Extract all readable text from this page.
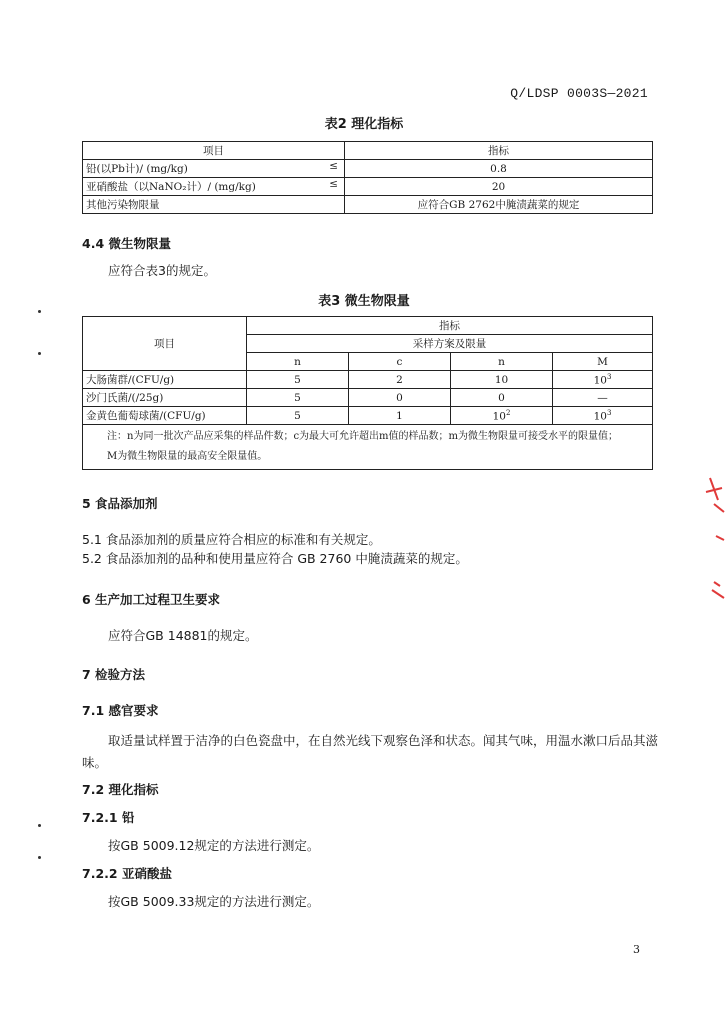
Q/LDSP 0003S—2021
表2 理化指标
项目	指标
铅(以Pb计)/ (mg/kg) ≤	0.8
亚硝酸盐（以NaNO₂计）/ (mg/kg) ≤	20
其他污染物限量	应符合GB 2762中腌渍蔬菜的规定
4.4 微生物限量
应符合表3的规定。
表3 微生物限量
项目	指标			
	采样方案及限量			
	n	c	n	M
大肠菌群/(CFU/g)	5	2	10	$10^3$
沙门氏菌/(/25g)	5	0	0	—
金黄色葡萄球菌/(CFU/g)	5	1	$10^2$	$10^3$

注：n为同一批次产品应采集的样品件数；c为最大可允许超出m值的样品数；m为微生物限量可接受水平的限量值；
M为微生物限量的最高安全限量值。				
5 食品添加剂
5.1 食品添加剂的质量应符合相应的标准和有关规定。
5.2 食品添加剂的品种和使用量应符合 GB 2760 中腌渍蔬菜的规定。
6 生产加工过程卫生要求
应符合GB 14881的规定。
7 检验方法
7.1 感官要求
取适量试样置于洁净的白色瓷盘中，在自然光线下观察色泽和状态。闻其气味，用温水漱口后品其滋味。
7.2 理化指标
7.2.1 铅
按GB 5009.12规定的方法进行测定。
7.2.2 亚硝酸盐
按GB 5009.33规定的方法进行测定。
3
